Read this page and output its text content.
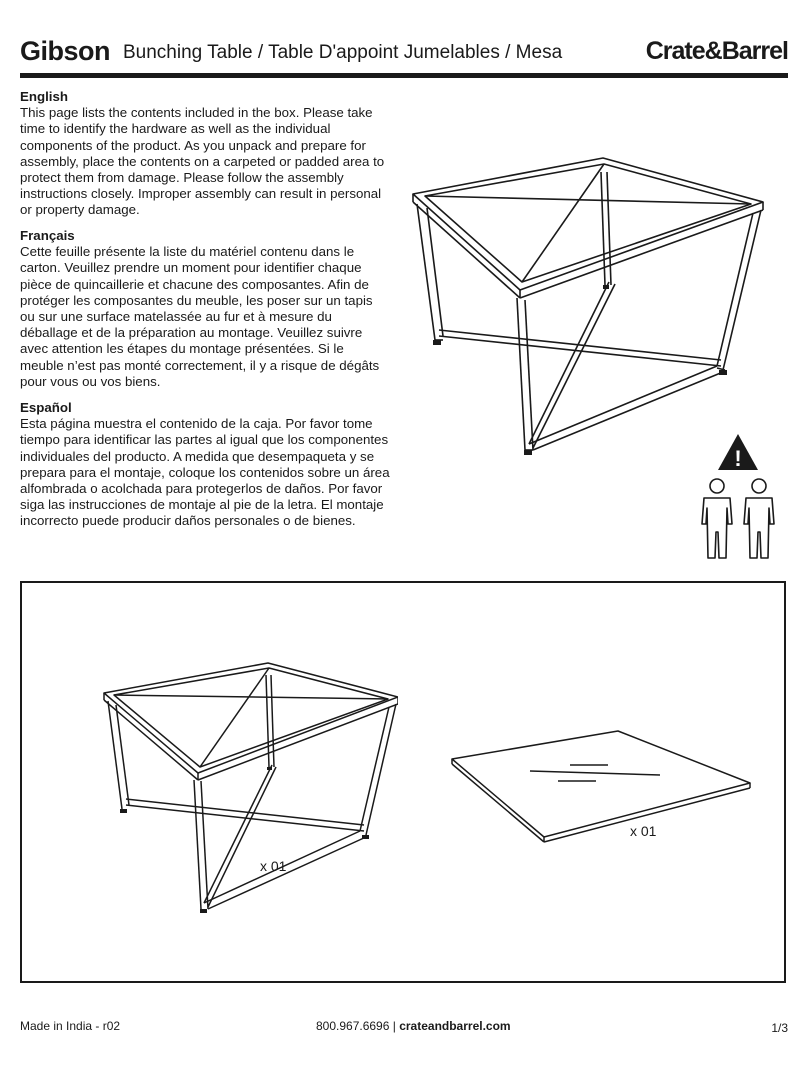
Gibson Bunching Table / Table D'appoint Jumelables / Mesa	Crate&Barrel
English

This page lists the contents included in the box. Please take time to identify the hardware as well as the individual components of the product. As you unpack and prepare for assembly, place the contents on a carpeted or padded area to protect them from damage. Please follow the assembly instructions closely. Improper assembly can result in personal or property damage.

Français

Cette feuille présente la liste du matériel contenu dans le carton. Veuillez prendre un moment pour identifier chaque pièce de quincaillerie et chacune des composantes. Afin de protéger les composantes du meuble, les poser sur un tapis ou sur une surface matelassée au fur et à mesure du déballage et de la préparation au montage. Veuillez suivre avec attention les étapes du montage présentées. Si le meuble n’est pas monté correctement, il y a risque de dégâts pour vous ou vos biens.

Español

Esta página muestra el contenido de la caja. Por favor tome tiempo para identificar las partes al igual que los componentes individuales del producto. A medida que desempaqueta y se prepara para el montaje, coloque los contenidos sobre un área alfombrada o acolchada para protegerlos de daños. Por favor siga las instrucciones de montaje al pie de la letra. El montaje incorrecto puede producir daños personales o de bienes.

!
x 01
x 01
Made in India - r02	800.967.6696 | crateandbarrel.com	1/3
